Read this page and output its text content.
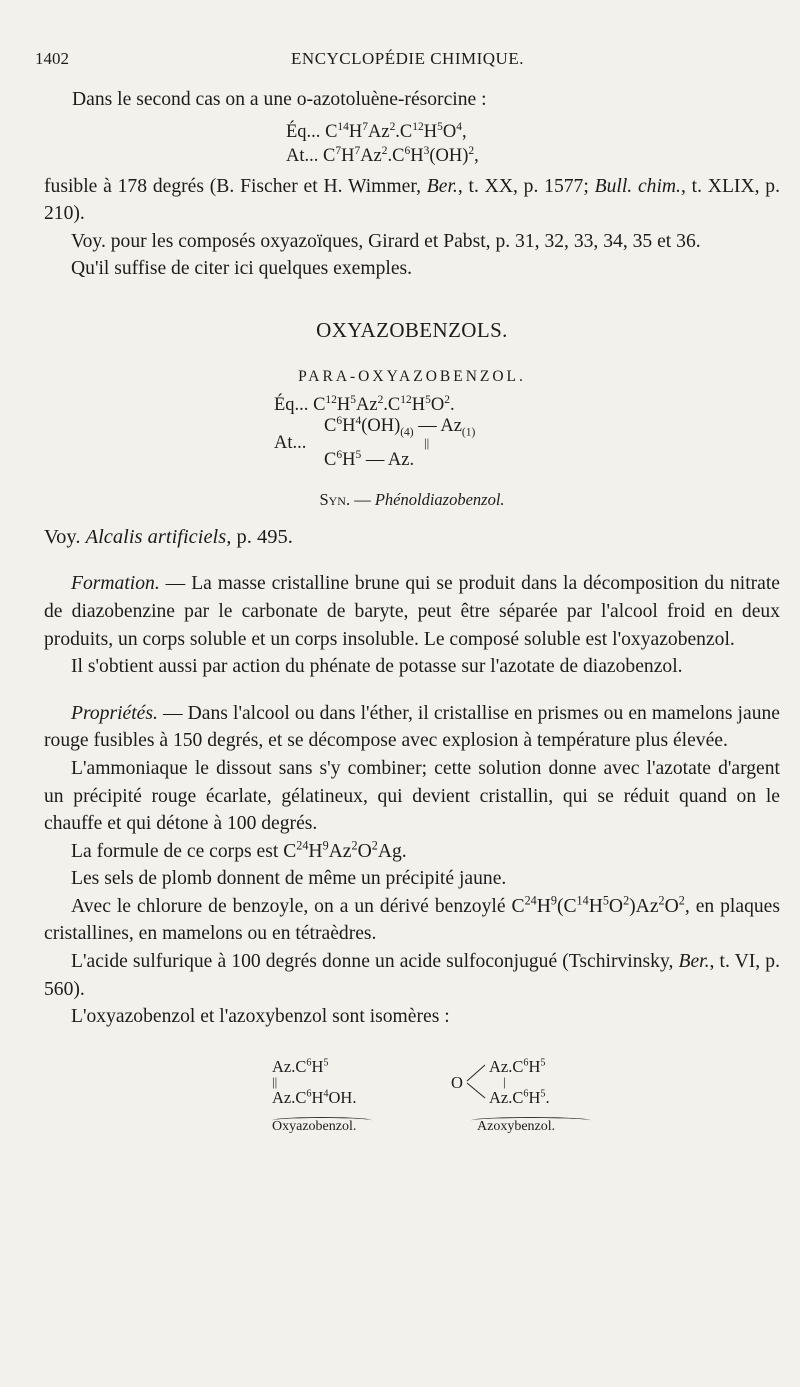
1402	ENCYCLOPÉDIE CHIMIQUE.

Dans le second cas on a une o-azotoluène-résorcine :

Éq... $C^{14}H^7Az^2.C^{12}H^5O^4$,
At... $C^7H^7Az^2.C^6H^3(OH)^2$,

fusible à 178 degrés (B. Fischer et H. Wimmer, Ber., t. XX, p. 1577; Bull. chim., t. XLIX, p. 210).

Voy. pour les composés oxyazoïques, Girard et Pabst, p. 31, 32, 33, 34, 35 et 36.

Qu'il suffise de citer ici quelques exemples.

OXYAZOBENZOLS.
PARA-OXYAZOBENZOL.
Éq... $C^{12}H^5Az^2.C^{12}H^5O^2$.
At...
$C^6H^4(OH)_{(4)}$ — $Az_{(1)}$
||
$C^6H^5$ — Az.
Syn. — Phénoldiazobenzol.

Voy. Alcalis artificiels, p. 495.

Formation. — La masse cristalline brune qui se produit dans la décomposition du nitrate de diazobenzine par le carbonate de baryte, peut être séparée par l'alcool froid en deux produits, un corps soluble et un corps insoluble. Le composé soluble est l'oxyazobenzol.

Il s'obtient aussi par action du phénate de potasse sur l'azotate de diazobenzol.

Propriétés. — Dans l'alcool ou dans l'éther, il cristallise en prismes ou en mamelons jaune rouge fusibles à 150 degrés, et se décompose avec explosion à température plus élevée.

L'ammoniaque le dissout sans s'y combiner; cette solution donne avec l'azotate d'argent un précipité rouge écarlate, gélatineux, qui devient cristallin, qui se réduit quand on le chauffe et qui détone à 100 degrés.

La formule de ce corps est $C^{24}H^9Az^2O^2Ag$.

Les sels de plomb donnent de même un précipité jaune.

Avec le chlorure de benzoyle, on a un dérivé benzoylé $C^{24}H^9(C^{14}H^5O^2)Az^2O^2$, en plaques cristallines, en mamelons ou en tétraèdres.

L'acide sulfurique à 100 degrés donne un acide sulfoconjugué (Tschirvinsky, Ber., t. VI, p. 560).

L'oxyazobenzol et l'azoxybenzol sont isomères :

$Az.C^6H^5$
||
$Az.C^6H^4OH$.
Oxyazobenzol.
O
$Az.C^6H^5$
|
$Az.C^6H^5$.
Azoxybenzol.
